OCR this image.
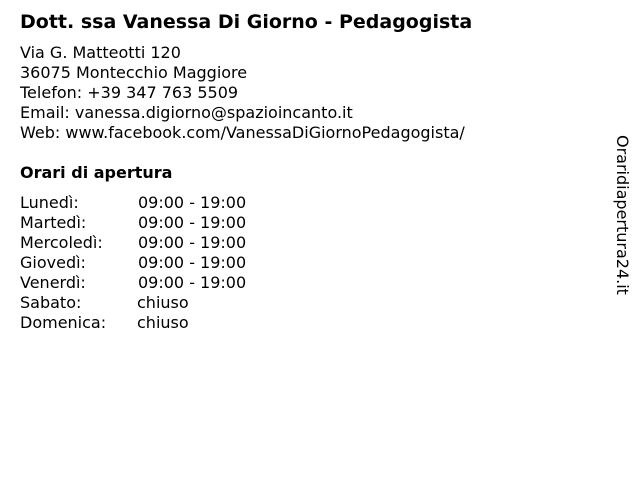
Dott. ssa Vanessa Di Giorno - Pedagogista
Via G. Matteotti 120
36075 Montecchio Maggiore
Telefon: +39 347 763 5509
Email: vanessa.digiorno@spazioincanto.it
Web: www.facebook.com/VanessaDiGiornoPedagogista/
Orari di apertura
Lunedì:	09:00 - 19:00
Martedì:	09:00 - 19:00
Mercoledì: 09:00 - 19:00
Giovedì:	09:00 - 19:00
Venerdì:	09:00 - 19:00
Sabato:	chiuso
Domenica: chiuso
Oraridiapertura24.it
